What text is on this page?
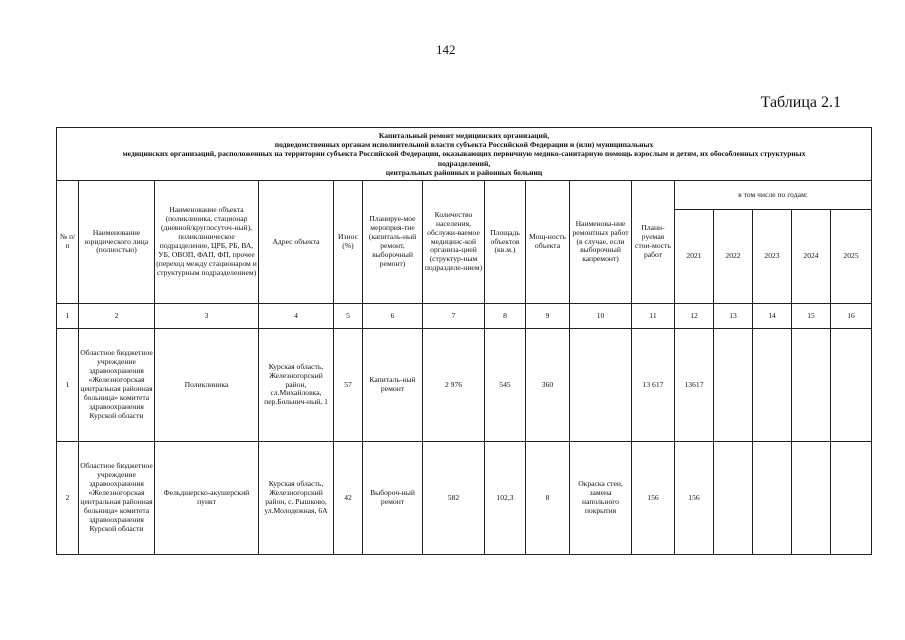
142
Таблица 2.1
Капитальный ремонт медицинских организаций,
подведомственных органам исполнительной власти субъекта Российской Федерации и (или) муниципальных
медицинских организаций, расположенных на территории субъекта Российской Федерации, оказывающих первичную медико-санитарную помощь взрослым и детям, их обособленных структурных
подразделений,
центральных районных и районных больниц															

№ п/ п	Наименование юридического лица (полностью)	Наименование объекта (поликлиника, стационар (дневной/круглосуточ-ный), поликлиническое подразделение, ЦРБ, РБ, ВА, УБ, ОВОП, ФАП, ФП, прочее (переход между стационаром и структурным подразделением)	Адрес объекта	Износ (%)	Планируе-мое мероприя-тие (капиталь-ный ремонт, выборочный ремонт)	Количество населения, обслужи-ваемое медицинс-кой организа-цией (структур-ным подразделе-нием)	Площадь объектов (кв.м.)	Мощ-ность объекта	Наименова-ние ремонтных работ (в случае, если выборочный капремонт)	Плани-руемая стои-мость работ	в том числе по годам:				
											2021	2022	2023	2024	2025
1	2	3	4	5	6	7	8	9	10	11	12	13	14	15	16
1	Областное бюджетное учреждение здравоохранения «Железногорская центральная районная больница» комитета здравоохранения Курской области	Поликлиника	Курская область, Железногорский район, сл.Михайловка, пер.Больнич-ный, 1	57	Капиталь-ный ремонт	2 976	545	360		13 617	13617				
2	Областное бюджетное учреждение здравоохранения «Железногорская центральная районная больница» комитета здравоохранения Курской области	Фельдшерско-акушерский пункт	Курская область, Железногорский район, с. Рышково, ул.Молодежная, 6А	42	Выбороч-ный ремонт	582	102,3	8	Окраска стен, замена напольного покрытия	156	156				
